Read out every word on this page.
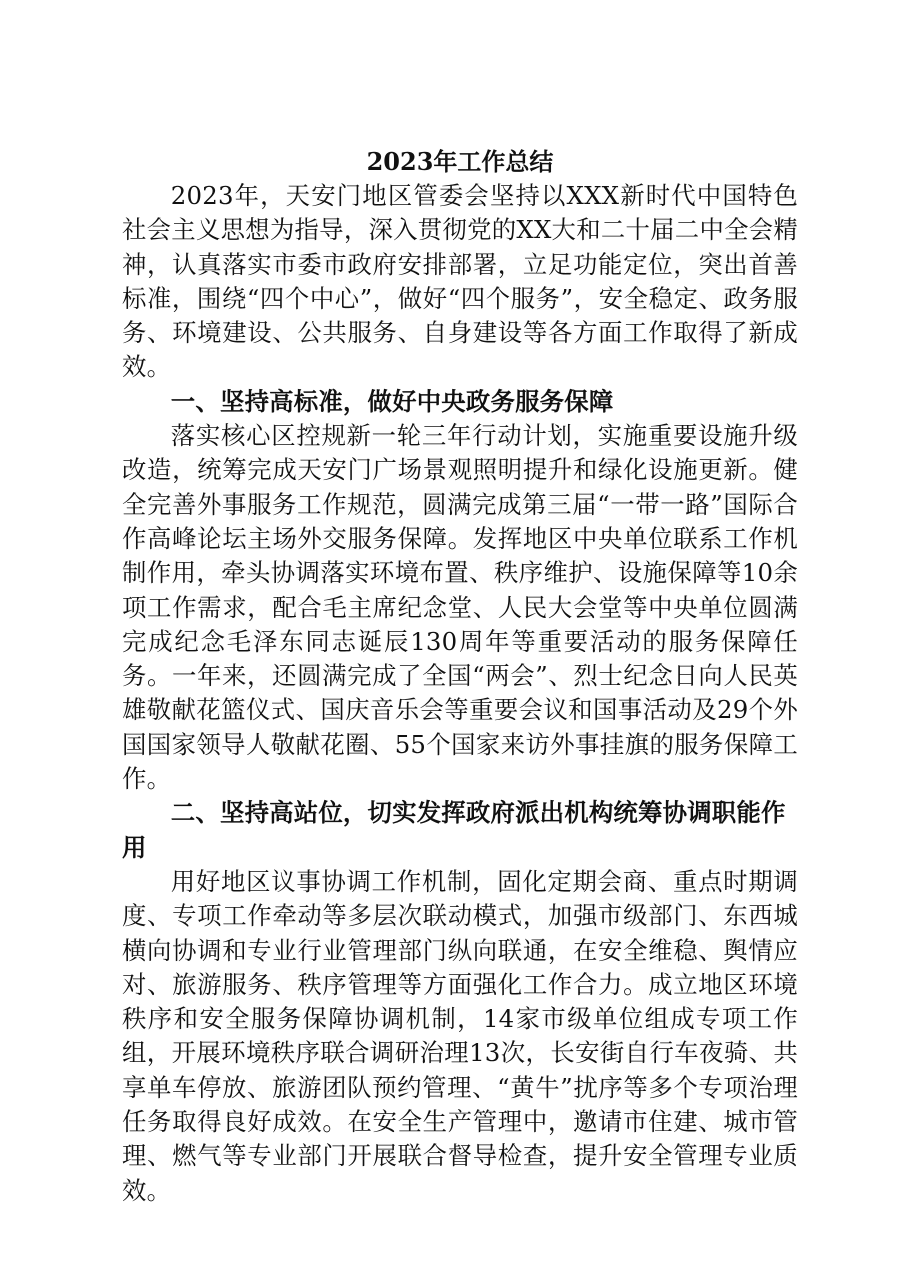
2023年工作总结

2023年，天安门地区管委会坚持以XXX新时代中国特色社会主义思想为指导，深入贯彻党的XX大和二十届二中全会精神，认真落实市委市政府安排部署，立足功能定位，突出首善标准，围绕“四个中心”，做好“四个服务”，安全稳定、政务服务、环境建设、公共服务、自身建设等各方面工作取得了新成效。

一、坚持高标准，做好中央政务服务保障

落实核心区控规新一轮三年行动计划，实施重要设施升级改造，统筹完成天安门广场景观照明提升和绿化设施更新。健全完善外事服务工作规范，圆满完成第三届“一带一路”国际合作高峰论坛主场外交服务保障。发挥地区中央单位联系工作机制作用，牵头协调落实环境布置、秩序维护、设施保障等10余项工作需求，配合毛主席纪念堂、人民大会堂等中央单位圆满完成纪念毛泽东同志诞辰130周年等重要活动的服务保障任务。一年来，还圆满完成了全国“两会”、烈士纪念日向人民英雄敬献花篮仪式、国庆音乐会等重要会议和国事活动及29个外国国家领导人敬献花圈、55个国家来访外事挂旗的服务保障工作。

二、坚持高站位，切实发挥政府派出机构统筹协调职能作用

用好地区议事协调工作机制，固化定期会商、重点时期调度、专项工作牵动等多层次联动模式，加强市级部门、东西城横向协调和专业行业管理部门纵向联通，在安全维稳、舆情应对、旅游服务、秩序管理等方面强化工作合力。成立地区环境秩序和安全服务保障协调机制，14家市级单位组成专项工作组，开展环境秩序联合调研治理13次，长安街自行车夜骑、共享单车停放、旅游团队预约管理、“黄牛”扰序等多个专项治理任务取得良好成效。在安全生产管理中，邀请市住建、城市管理、燃气等专业部门开展联合督导检查，提升安全管理专业质效。
